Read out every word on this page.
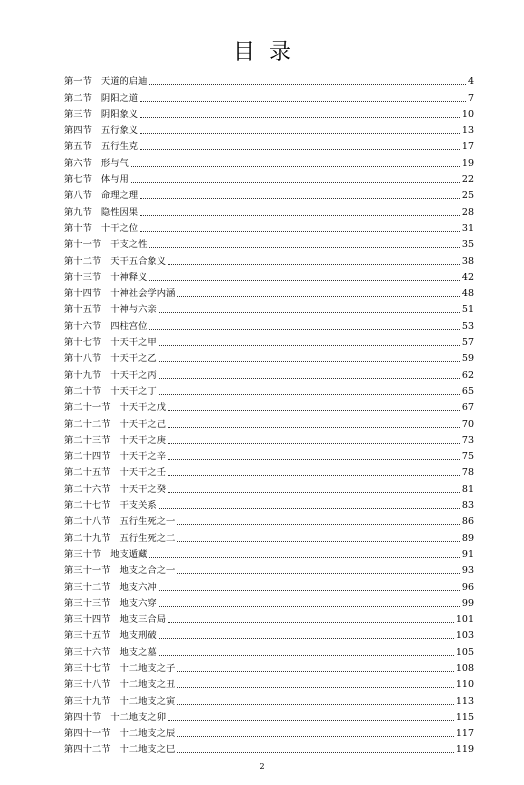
目录
第一节 天道的启迪	4
第二节 阴阳之道	7
第三节 阴阳象义	10
第四节 五行象义	13
第五节 五行生克	17
第六节 形与气	19
第七节 体与用	22
第八节 命理之理	25
第九节 隐性因果	28
第十节 十干之位	31
第十一节 干支之性	35
第十二节 天干五合象义	38
第十三节 十神释义	42
第十四节 十神社会学内涵	48
第十五节 十神与六亲	51
第十六节 四柱宫位	53
第十七节 十天干之甲	57
第十八节 十天干之乙	59
第十九节 十天干之丙	62
第二十节 十天干之丁	65
第二十一节 十天干之戊	67
第二十二节 十天干之己	70
第二十三节 十天干之庚	73
第二十四节 十天干之辛	75
第二十五节 十天干之壬	78
第二十六节 十天干之癸	81
第二十七节 干支关系	83
第二十八节 五行生死之一	86
第二十九节 五行生死之二	89
第三十节 地支遁藏	91
第三十一节 地支之合之一	93
第三十二节 地支六冲	96
第三十三节 地支六穿	99
第三十四节 地支三合局	101
第三十五节 地支刑破	103
第三十六节 地支之墓	105
第三十七节 十二地支之子	108
第三十八节 十二地支之丑	110
第三十九节 十二地支之寅	113
第四十节 十二地支之卯	115
第四十一节 十二地支之辰	117
第四十二节 十二地支之巳	119
2
